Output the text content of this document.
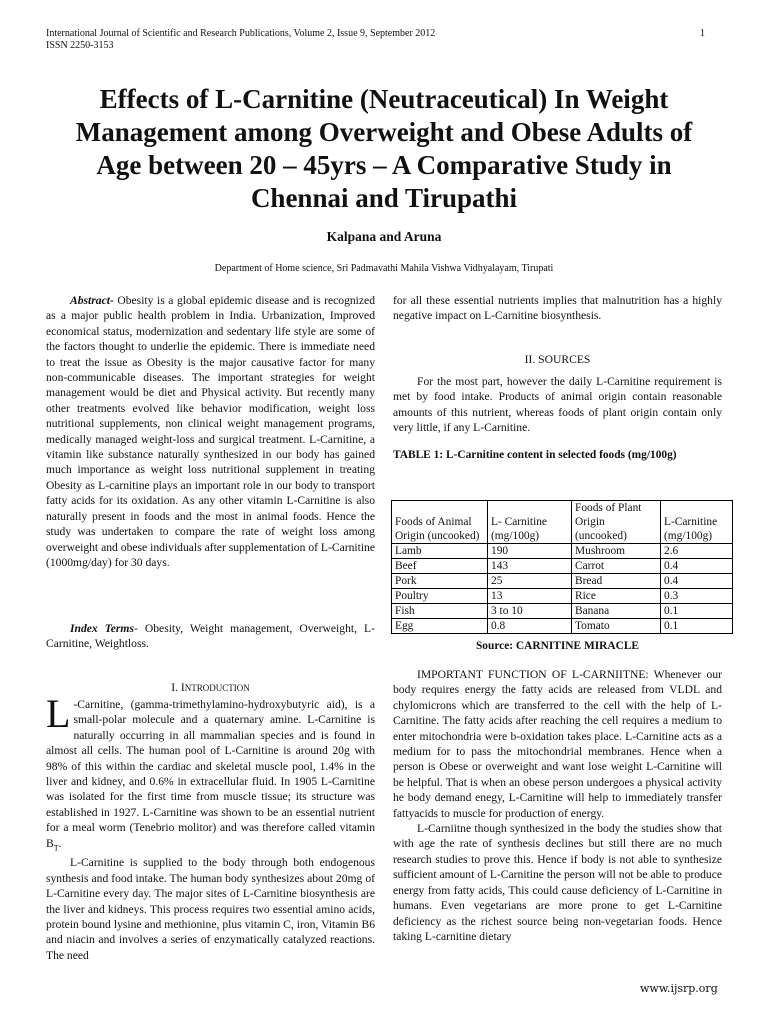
International Journal of Scientific and Research Publications, Volume 2, Issue 9, September 2012
ISSN 2250-3153
1
Effects of L-Carnitine (Neutraceutical) In Weight
Management among Overweight and Obese Adults of
Age between 20 – 45yrs – A Comparative Study in
Chennai and Tirupathi
Kalpana and Aruna
Department of Home science, Sri Padmavathi Mahila Vishwa Vidhyalayam, Tirupati

Abstract- Obesity is a global epidemic disease and is recognized as a major public health problem in India. Urbanization, Improved economical status, modernization and sedentary life style are some of the factors thought to underlie the epidemic. There is immediate need to treat the issue as Obesity is the major causative factor for many non-communicable diseases. The important strategies for weight management would be diet and Physical activity. But recently many other treatments evolved like behavior modification, weight loss nutritional supplements, non clinical weight management programs, medically managed weight-loss and surgical treatment. L-Carnitine, a vitamin like substance naturally synthesized in our body has gained much importance as weight loss nutritional supplement in treating Obesity as L-carnitine plays an important role in our body to transport fatty acids for its oxidation. As any other vitamin L-Carnitine is also naturally present in foods and the most in animal foods. Hence the study was undertaken to compare the rate of weight loss among overweight and obese individuals after supplementation of L-Carnitine (1000mg/day) for 30 days.

Index Terms- Obesity, Weight management, Overweight, L-Carnitine, Weightloss.

I. INTRODUCTION

L -Carnitine, (gamma-trimethylamino-hydroxybutyric aid), is a small-polar molecule and a quaternary amine. L-Carnitine is naturally occurring in all mammalian species and is found in almost all cells. The human pool of L-Carnitine is around 20g with 98% of this within the cardiac and skeletal muscle pool, 1.4% in the liver and kidney, and 0.6% in extracellular fluid. In 1905 L-Carnitine was isolated for the first time from muscle tissue; its structure was established in 1927. L-Carnitine was shown to be an essential nutrient for a meal worm (Tenebrio molitor) and was therefore called vitamin $B_T$.

L-Carnitine is supplied to the body through both endogenous synthesis and food intake. The human body synthesizes about 20mg of L-Carnitine every day. The major sites of L-Carnitine biosynthesis are the liver and kidneys. This process requires two essential amino acids, protein bound lysine and methionine, plus vitamin C, iron, Vitamin B6 and niacin and involves a series of enzymatically catalyzed reactions. The need

for all these essential nutrients implies that malnutrition has a highly negative impact on L-Carnitine biosynthesis.

II. SOURCES

For the most part, however the daily L-Carnitine requirement is met by food intake. Products of animal origin contain reasonable amounts of this nutrient, whereas foods of plant origin contain only very little, if any L-Carnitine.

TABLE 1: L-Carnitine content in selected foods (mg/100g)
Foods of Animal Origin (uncooked)	L- Carnitine (mg/100g)	Foods of Plant Origin (uncooked)	L-Carnitine (mg/100g)
Lamb	190	Mushroom	2.6
Beef	143	Carrot	0.4
Pork	25	Bread	0.4
Poultry	13	Rice	0.3
Fish	3 to 10	Banana	0.1
Egg	0.8	Tomato	0.1
Source: CARNITINE MIRACLE

IMPORTANT FUNCTION OF L-CARNIITNE: Whenever our body requires energy the fatty acids are released from VLDL and chylomicrons which are transferred to the cell with the help of L-Carnitine. The fatty acids after reaching the cell requires a medium to enter mitochondria were b-oxidation takes place. L-Carnitine acts as a medium for to pass the mitochondrial membranes. Hence when a person is Obese or overweight and want lose weight L-Carnitine will be helpful. That is when an obese person undergoes a physical activity he body demand enegy, L-Carnitine will help to immediately transfer fattyacids to muscle for production of energy.

L-Carniitne though synthesized in the body the studies show that with age the rate of synthesis declines but still there are no much research studies to prove this. Hence if body is not able to synthesize sufficient amount of L-Carnitine the person will not be able to produce energy from fatty acids, This could cause deficiency of L-Carnitine in humans. Even vegetarians are more prone to get L-Carnitine deficiency as the richest source being non-vegetarian foods. Hence taking L-carnitine dietary

www.ijsrp.org
